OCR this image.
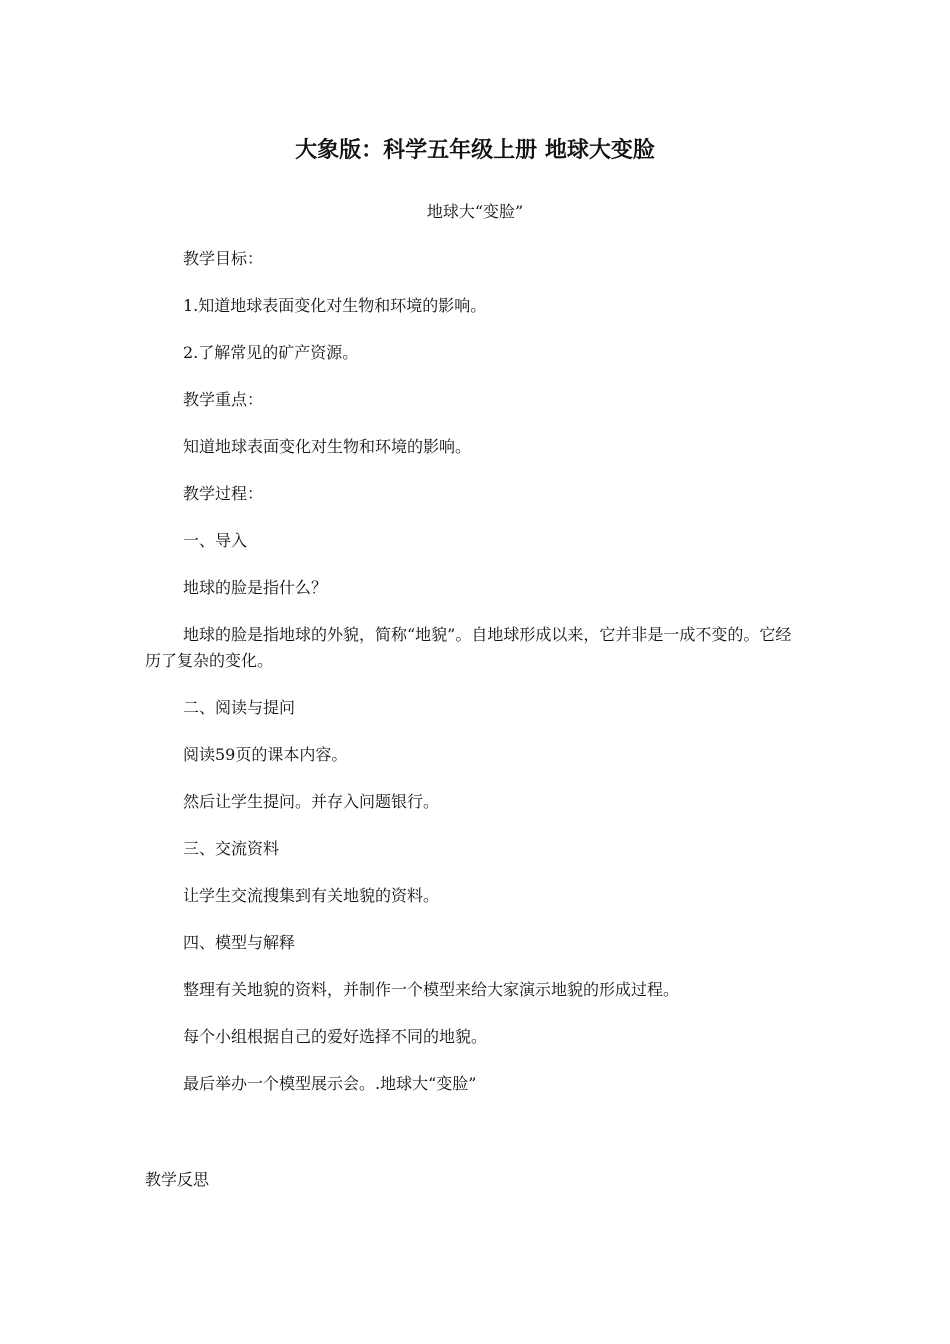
大象版：科学五年级上册 地球大变脸

地球大“变脸”

教学目标：

1.知道地球表面变化对生物和环境的影响。

2.了解常见的矿产资源。

教学重点：

知道地球表面变化对生物和环境的影响。

教学过程：

一、导入

地球的脸是指什么？

地球的脸是指地球的外貌，简称“地貌”。自地球形成以来，它并非是一成不变的。它经历了复杂的变化。

二、阅读与提问

阅读59页的课本内容。

然后让学生提问。并存入问题银行。

三、交流资料

让学生交流搜集到有关地貌的资料。

四、模型与解释

整理有关地貌的资料，并制作一个模型来给大家演示地貌的形成过程。

每个小组根据自己的爱好选择不同的地貌。

最后举办一个模型展示会。.地球大“变脸”

教学反思
